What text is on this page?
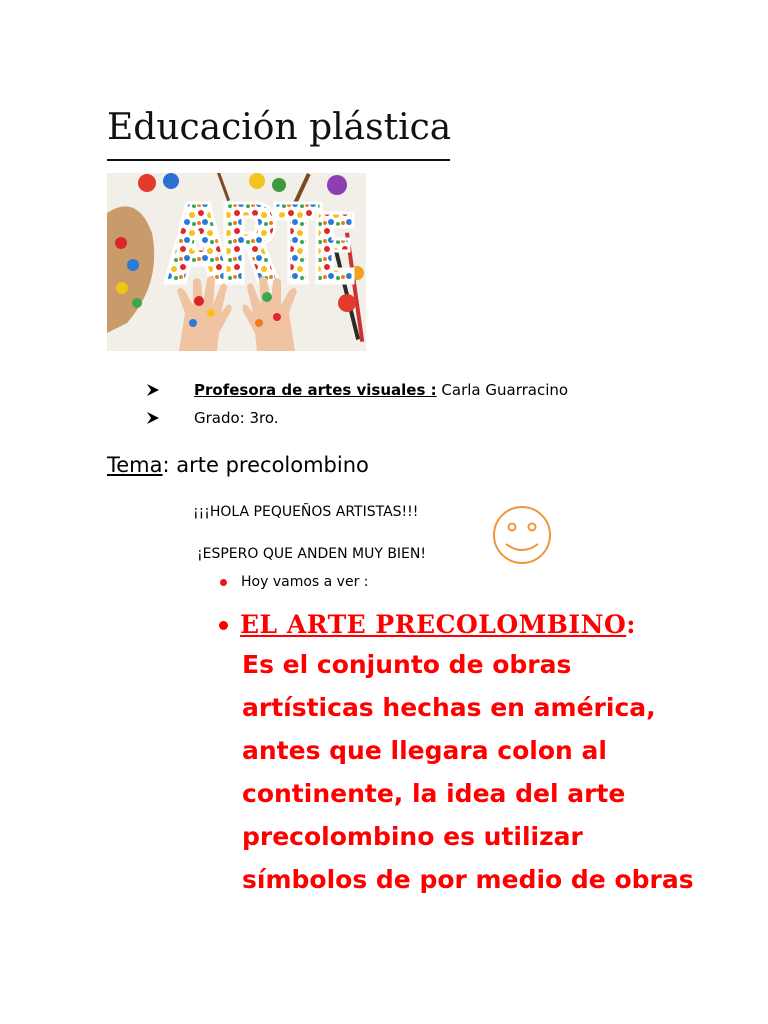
Educación plástica
Profesora de artes visuales : Carla Guarracino
Grado: 3ro.
Tema: arte precolombino
¡¡¡HOLA PEQUEÑOS ARTISTAS!!!
¡ESPERO QUE ANDEN MUY BIEN!
Hoy vamos a ver :
EL ARTE PRECOLOMBINO :
Es el conjunto de obras
artísticas hechas en américa,
antes que llegara colon al
continente, la idea del arte
precolombino es utilizar
símbolos de por medio de obras
